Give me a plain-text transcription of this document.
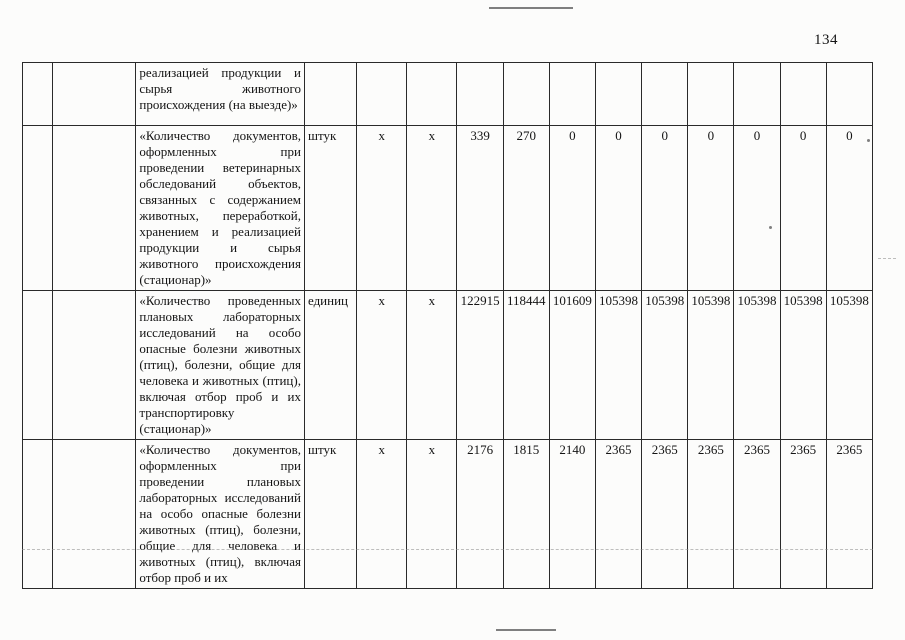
134
		реализацией продукции и сырья животного происхождения (на выезде)»												
		«Количество документов, оформленных при проведении ветеринарных обследований объектов, связанных с содержанием животных, переработкой, хранением и реализацией продукции и сырья животного происхождения (стационар)»	штук	х	х	339	270	0	0	0	0	0	0	0
		«Количество проведенных плановых лабораторных исследований на особо опасные болезни животных (птиц), болезни, общие для человека и животных (птиц), включая отбор проб и их транспортировку (стационар)»	единиц	х	х	122915	118444	101609	105398	105398	105398	105398	105398	105398
		«Количество документов, оформленных при проведении плановых лабораторных исследований на особо опасные болезни животных (птиц), болезни, общие для человека и животных (птиц), включая отбор проб и их	штук	х	х	2176	1815	2140	2365	2365	2365	2365	2365	2365
